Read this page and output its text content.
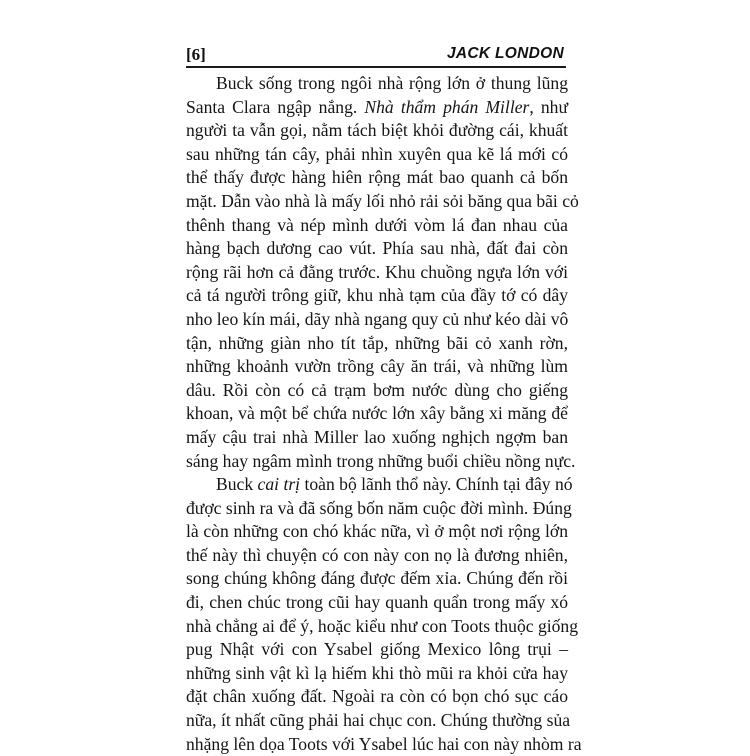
[6]	JACK LONDON
Buck sống trong ngôi nhà rộng lớn ở thung lũng
Santa Clara ngập nắng. Nhà thẩm phán Miller, như
người ta vẫn gọi, nằm tách biệt khỏi đường cái, khuất
sau những tán cây, phải nhìn xuyên qua kẽ lá mới có
thể thấy được hàng hiên rộng mát bao quanh cả bốn
mặt. Dẫn vào nhà là mấy lối nhỏ rải sỏi băng qua bãi cỏ
thênh thang và nép mình dưới vòm lá đan nhau của
hàng bạch dương cao vút. Phía sau nhà, đất đai còn
rộng rãi hơn cả đằng trước. Khu chuồng ngựa lớn với
cả tá người trông giữ, khu nhà tạm của đầy tớ có dây
nho leo kín mái, dãy nhà ngang quy củ như kéo dài vô
tận, những giàn nho tít tắp, những bãi cỏ xanh rờn,
những khoảnh vườn trồng cây ăn trái, và những lùm
dâu. Rồi còn có cả trạm bơm nước dùng cho giếng
khoan, và một bể chứa nước lớn xây bằng xi măng để
mấy cậu trai nhà Miller lao xuống nghịch ngợm ban
sáng hay ngâm mình trong những buổi chiều nồng nực.
Buck cai trị toàn bộ lãnh thổ này. Chính tại đây nó
được sinh ra và đã sống bốn năm cuộc đời mình. Đúng
là còn những con chó khác nữa, vì ở một nơi rộng lớn
thế này thì chuyện có con này con nọ là đương nhiên,
song chúng không đáng được đếm xỉa. Chúng đến rồi
đi, chen chúc trong cũi hay quanh quẩn trong mấy xó
nhà chẳng ai để ý, hoặc kiểu như con Toots thuộc giống
pug Nhật với con Ysabel giống Mexico lông trụi –
những sinh vật kì lạ hiếm khi thò mũi ra khỏi cửa hay
đặt chân xuống đất. Ngoài ra còn có bọn chó sục cáo
nữa, ít nhất cũng phải hai chục con. Chúng thường sủa
nhặng lên dọa Toots với Ysabel lúc hai con này nhòm ra
